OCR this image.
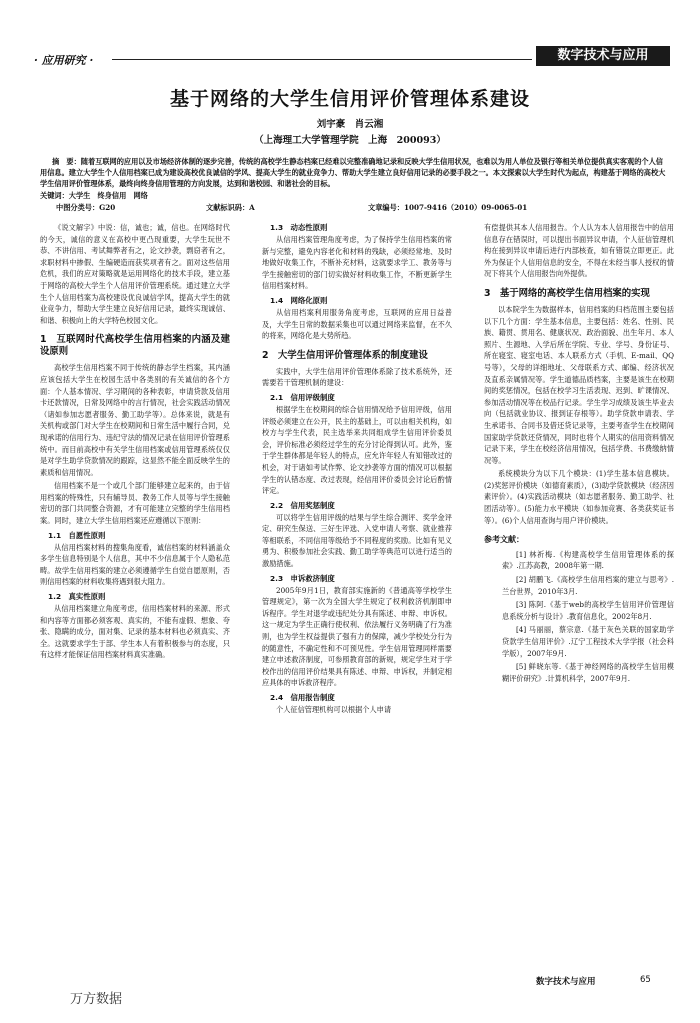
· 应用研究 ·	数字技术与应用
基于网络的大学生信用评价管理体系建设
刘宇豪　肖云湘
（上海理工大学管理学院　上海　200093）
摘　要：随着互联网的应用以及市场经济体制的逐步完善，传统的高校学生静态档案已经难以完整准确地记录和反映大学生信用状况，也难以为用人单位及银行等相关单位提供真实客观的个人信用信息。建立大学生个人信用档案已成为建设高校优良诚信的学风、提高大学生的就业竞争力、帮助大学生建立良好信用记录的必要手段之一。本文探索以大学生时代为起点，构建基于网络的高校大学生信用评价管理体系，最终向终身信用管理的方向发展，达到和谐校园、和谐社会的目标。
关键词：大学生　终身信用　网络
中图分类号：G20	文献标识码：A	文章编号：1007-9416（2010）09-0065-01

《说文解字》中说：信，诚也；诚，信也。在网络时代的今天，诚信的意义在高校中更凸现重要，大学生玩世不恭、不讲信用、考试舞弊者有之，论文抄袭，剽窃者有之，求职材料中掺假、生编硬造而获奖项者有之。面对这些信用危机，我们的应对策略就是运用网络化的技术手段，建立基于网络的高校大学生个人信用评价管理系统。通过建立大学生个人信用档案为高校建设优良诚信学风，提高大学生的就业竞争力，帮助大学生建立良好信用记录，最终实现诚信、和谐、积极向上的大学特色校园文化。

1　互联网时代高校学生信用档案的内涵及建设原则

高校学生信用档案不同于传统的静态学生档案，其内涵应该包括大学生在校园生活中各类别的有关诚信的各个方面：个人基本情况、学习期间的各种表彰，申请贷款及信用卡还款情况，日常及网络中的言行情况，社会实践活动情况（诸如参加志愿者服务、勤工助学等）。总体来说，就是有关机构或部门对大学生在校期间和日常生活中履行合同，兑现承诺的信用行为、违纪守法的情况记录在信用评价管理系统中。而目前高校中有关学生信用档案或信用管理系统仅仅是对学生助学贷款情况的跟踪，这显然不能全面反映学生的素质和信用情况。

信用档案不是一个或几个部门能够建立起来的，由于信用档案的特殊性，只有辅导员、教务工作人员等与学生接触密切的部门共同整合资源，才有可能建立完整的学生信用档案。同时，建立大学生信用档案还应遵循以下原则：

1.1　自愿性原则

从信用档案材料的搜集角度看，诚信档案的材料涵盖众多学生信息特别是个人信息，其中不少信息属于个人隐私范畴。故学生信用档案的建立必须遵循学生自觉自愿原则，否则信用档案的材料收集将遇到很大阻力。

1.2　真实性原则

从信用档案建立角度考虑，信用档案材料的来源、形式和内容等方面都必须客观、真实的，不能有虚假、想象、夸张、隐瞒的成分，面对集、记录的基本材料也必须真实、齐全。这就要求学生于部、学生本人有着积极参与的态度，只有这样才能保证信用档案材料真实准确。

1.3　动态性原则

从信用档案管理角度考虑，为了保持学生信用档案的常新与完整，避免内容老化和材料的残缺，必须经常地、及时地做好收集工作，不断补充材料，这就要求学工、教务等与学生接触密切的部门切实做好材料收集工作，不断更新学生信用档案材料。

1.4　网络化原则

从信用档案利用服务角度考虑，互联网的应用日益普及，大学生日常的数据采集也可以通过网络来监督，在不久的将来，网络化是大势所趋。

2　大学生信用评价管理体系的制度建设

实践中，大学生信用评价管理体系除了技术系统外，还需要若干管理机制的建设：

2.1　信用评级制度

根据学生在校期间的综合信用情况给予信用评级，信用评级必须建立在公开，民主的基础上，可以由相关机构，如校方与学生代表，民主选举来共同组成学生信用评价委员会，评价标准必须经过学生的充分讨论得到认可。此外，鉴于学生群体都是年轻人的特点，应允许年轻人有知错改过的机会，对于诸如考试作弊、论文抄袭等方面的情况可以根据学生的认错态度、改过表现，经信用评价委员会讨论后酌情评定。

2.2　信用奖惩制度

可以将学生信用评级的结果与学生综合测评、奖学金评定、研究生保送、三好生评选、入党申请人考察、就业推荐等相联系，不同信用等级给予不同程度的奖励。比如有见义勇为、积极参加社会实践、勤工助学等典范可以进行适当的激励措施。

2.3　申诉救济制度

2005年9月1日，教育部实施新的《普通高等学校学生管理规定》，第一次为全国大学生规定了权利救济机制即申诉程序。学生对退学或违纪处分具有陈述、申辩、申诉权。这一规定为学生正确行使权利、依法履行义务明确了行为准则，也为学生权益提供了强有力的保障，减少学校处分行为的随意性，不确定性和不可预见性。学生信用管理同样需要建立申述救济制度，可参照教育部的新规，规定学生对于学校作出的信用评价结果具有陈述、申辩、申诉权，并制定相应具体的申诉救济程序。

2.4　信用报告制度

个人征信管理机构可以根据个人申请

有偿提供其本人信用报告。个人认为本人信用报告中的信用信息存在错误时，可以提出书面异议申请，个人征信管理机构在接到异议申请后进行内部核查，如有错误立即更正。此外为保证个人信用信息的安全，不得在未经当事人授权的情况下将其个人信用报告向外提供。

3　基于网络的高校学生信用档案的实现

以本院学生为数据样本，信用档案的归档范围主要包括以下几个方面：学生基本信息，主要包括：姓名、性别、民族、籍贯、贯用名、健康状况、政治面貌、出生年月、本人照片、生源地、入学后所在学院、专业、学号、身份证号、所在寝室、寝室电话、本人联系方式（手机、E-mail、QQ号等），父母的详细地址、父母联系方式、邮编、经济状况及直系亲属情况等。学生道德品质档案，主要是该生在校期间的奖惩情况，包括在校学习生活表现、迟到、旷课情况、参加活动情况等在校品行记录。学生学习成绩及该生毕业去向（包括就业协议、报到证存根等）。助学贷款申请表、学生承诺书、合同书及借还贷记录等，主要考查学生在校期间国家助学贷款还贷情况，同时也将个人期实的信用资料情况记录下来，学生在校经济信用情况，包括学费、书费缴纳情况等。

系统模块分为以下几个模块：(1)学生基本信息模块。(2)奖惩评价模块（如德育素质），(3)助学贷款模块（经济因素评价）。(4)实践活动模块（如志愿者服务、勤工助学、社团活动等）。(5)能力水平模块（如参加竞赛、各类获奖证书等）。(6)个人信用查询与用户评价模块。

参考文献：

[1] 林祈梅.《构建高校学生信用管理体系的探索》.江苏高教，2008年第一期.

[2] 胡鹏飞.《高校学生信用档案的建立与思考》.兰台世界，2010年3月.

[3] 陈阿.《基于web的高校学生信用评价管理信息系统分析与设计》.教育信息化，2002年8月.

[4] 马丽丽，蔡宗意.《基于灰色关联的国家助学贷款学生信用评价》.辽宁工程技术大学学报（社会科学版），2007年9月.

[5] 鲜晓东等.《基于神经网络的高校学生信用模糊评价研究》.计算机科学，2007年9月.

数字技术与应用	65
万方数据
